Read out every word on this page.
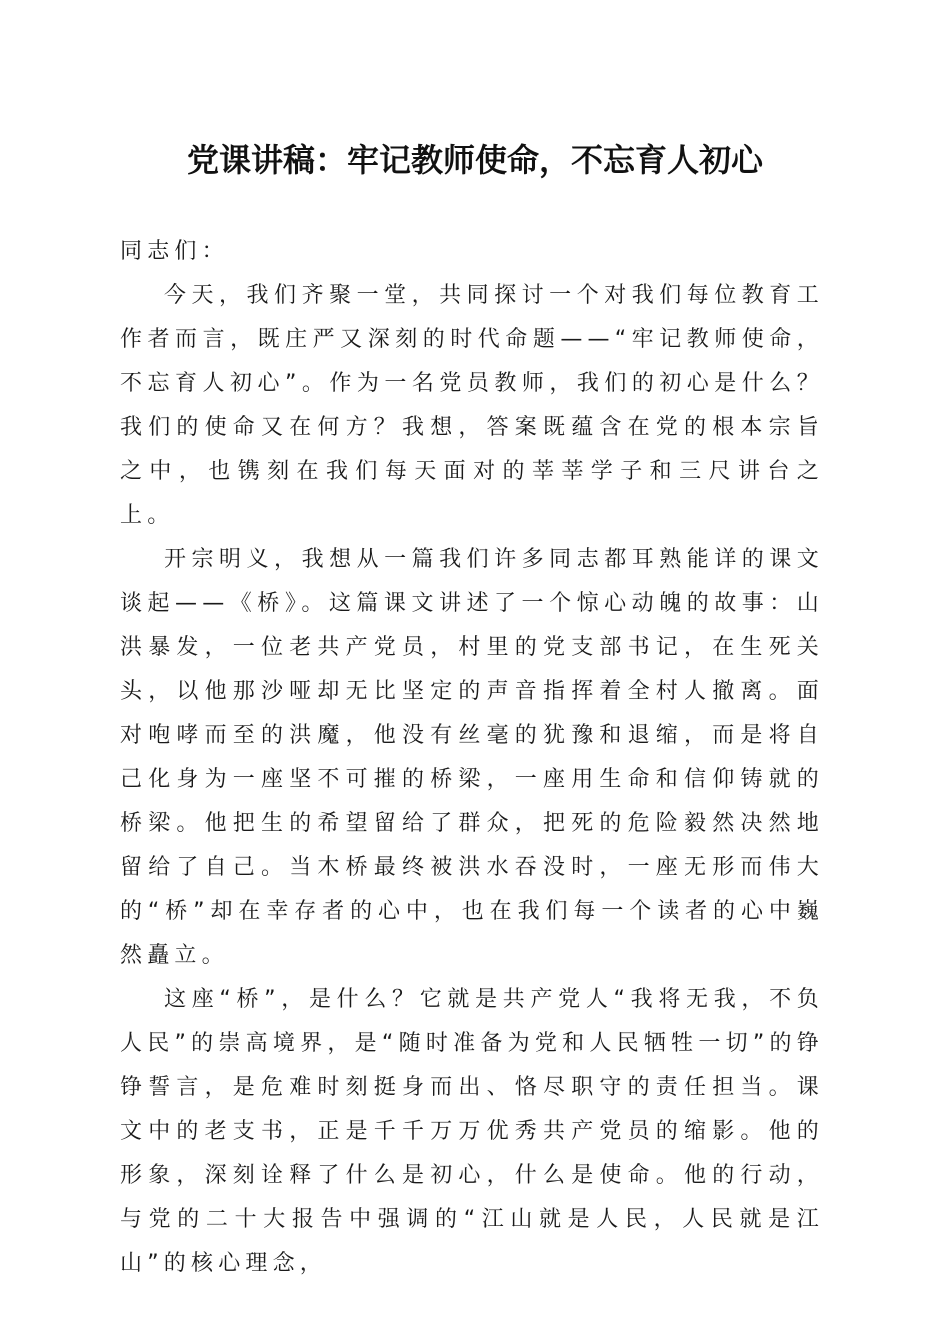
党课讲稿：牢记教师使命，不忘育人初心

同志们：

今天，我们齐聚一堂，共同探讨一个对我们每位教育工作者而言，既庄严又深刻的时代命题——“牢记教师使命，不忘育人初心”。作为一名党员教师，我们的初心是什么？我们的使命又在何方？我想，答案既蕴含在党的根本宗旨之中，也镌刻在我们每天面对的莘莘学子和三尺讲台之上。

开宗明义，我想从一篇我们许多同志都耳熟能详的课文谈起——《桥》。这篇课文讲述了一个惊心动魄的故事：山洪暴发，一位老共产党员，村里的党支部书记，在生死关头，以他那沙哑却无比坚定的声音指挥着全村人撤离。面对咆哮而至的洪魔，他没有丝毫的犹豫和退缩，而是将自己化身为一座坚不可摧的桥梁，一座用生命和信仰铸就的桥梁。他把生的希望留给了群众，把死的危险毅然决然地留给了自己。当木桥最终被洪水吞没时，一座无形而伟大的“桥”却在幸存者的心中，也在我们每一个读者的心中巍然矗立。

这座“桥”，是什么？它就是共产党人“我将无我，不负人民”的崇高境界，是“随时准备为党和人民牺牲一切”的铮铮誓言，是危难时刻挺身而出、恪尽职守的责任担当。课文中的老支书，正是千千万万优秀共产党员的缩影。他的形象，深刻诠释了什么是初心，什么是使命。他的行动，与党的二十大报告中强调的“江山就是人民，人民就是江山”的核心理念，
